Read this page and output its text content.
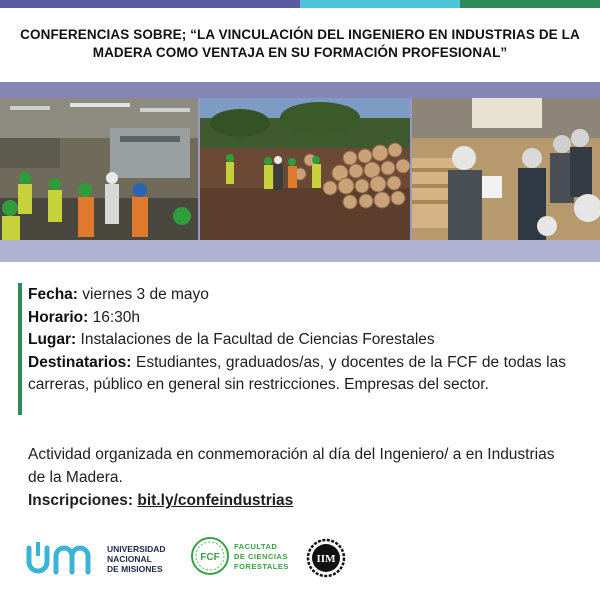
CONFERENCIAS SOBRE; “LA VINCULACIÓN DEL INGENIERO EN INDUSTRIAS DE LA
MADERA COMO VENTAJA EN SU FORMACIÓN PROFESIONAL”

Fecha: viernes 3 de mayo

Horario: 16:30h

Lugar: Instalaciones de la Facultad de Ciencias Forestales

Destinatarios: Estudiantes, graduados/as, y docentes de la FCF de todas las carreras, público en general sin restricciones. Empresas del sector.

Actividad organizada en conmemoración al día del Ingeniero/ a en Industrias de la Madera.
Inscripciones: bit.ly/confeindustrias
UNIVERSIDAD
NACIONAL
DE MISIONES
FCF
FACULTAD
DE CIENCIAS
FORESTALES
IIM
